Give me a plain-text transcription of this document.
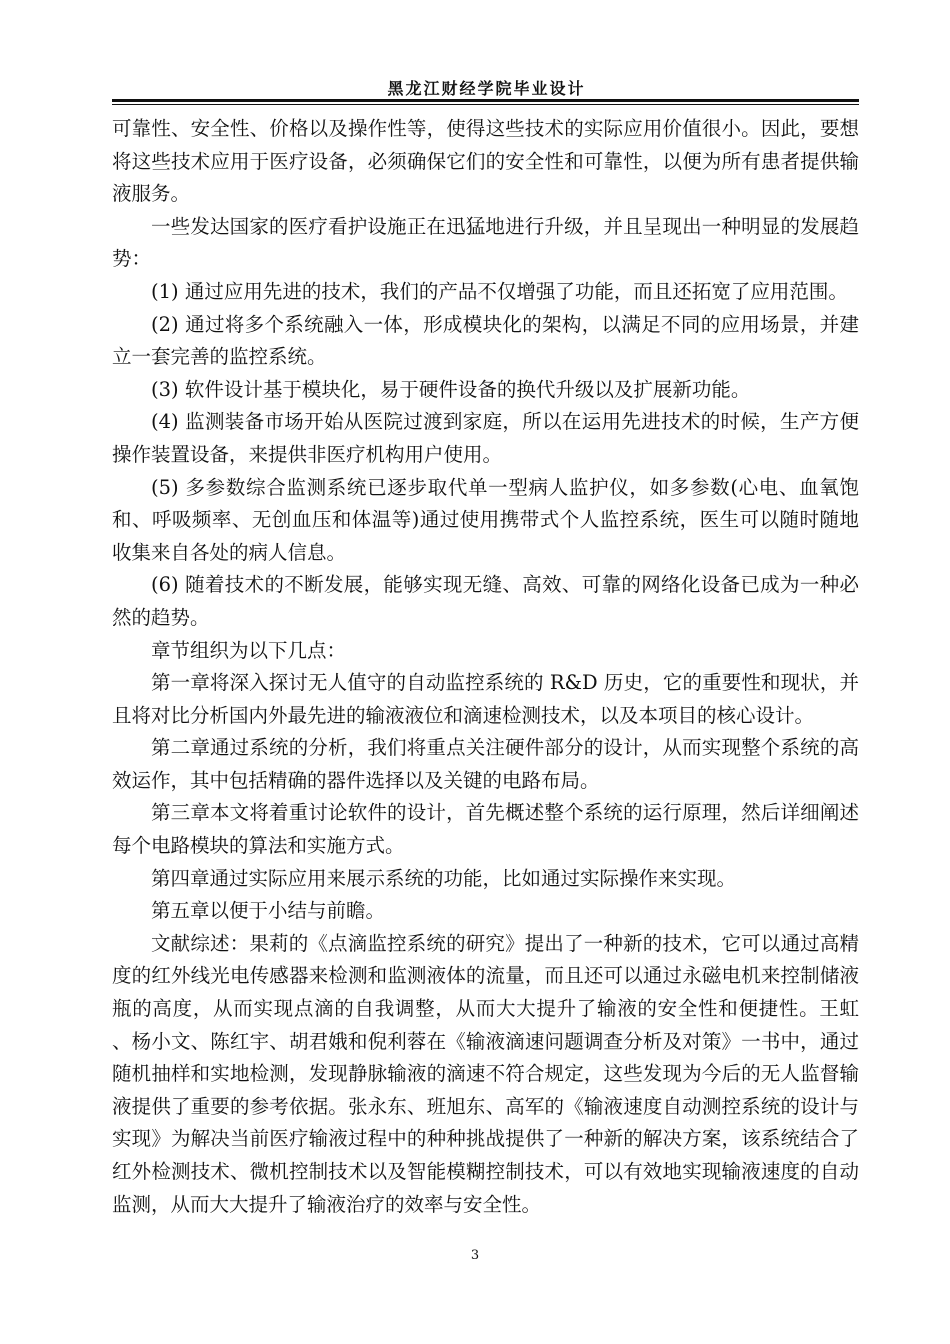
黑龙江财经学院毕业设计

可靠性、安全性、价格以及操作性等，使得这些技术的实际应用价值很小。因此，要想将这些技术应用于医疗设备，必须确保它们的安全性和可靠性，以便为所有患者提供输液服务。

一些发达国家的医疗看护设施正在迅猛地进行升级，并且呈现出一种明显的发展趋势：

(1) 通过应用先进的技术，我们的产品不仅增强了功能，而且还拓宽了应用范围。

(2) 通过将多个系统融入一体，形成模块化的架构，以满足不同的应用场景，并建立一套完善的监控系统。

(3) 软件设计基于模块化，易于硬件设备的换代升级以及扩展新功能。

(4) 监测装备市场开始从医院过渡到家庭，所以在运用先进技术的时候，生产方便操作装置设备，来提供非医疗机构用户使用。

(5) 多参数综合监测系统已逐步取代单一型病人监护仪，如多参数(心电、血氧饱和、呼吸频率、无创血压和体温等)通过使用携带式个人监控系统，医生可以随时随地收集来自各处的病人信息。

(6) 随着技术的不断发展，能够实现无缝、高效、可靠的网络化设备已成为一种必然的趋势。

章节组织为以下几点：

第一章将深入探讨无人值守的自动监控系统的 R&D 历史，它的重要性和现状，并且将对比分析国内外最先进的输液液位和滴速检测技术，以及本项目的核心设计。

第二章通过系统的分析，我们将重点关注硬件部分的设计，从而实现整个系统的高效运作，其中包括精确的器件选择以及关键的电路布局。

第三章本文将着重讨论软件的设计，首先概述整个系统的运行原理，然后详细阐述每个电路模块的算法和实施方式。

第四章通过实际应用来展示系统的功能，比如通过实际操作来实现。

第五章以便于小结与前瞻。

文献综述：果莉的《点滴监控系统的研究》提出了一种新的技术，它可以通过高精度的红外线光电传感器来检测和监测液体的流量，而且还可以通过永磁电机来控制储液瓶的高度，从而实现点滴的自我调整，从而大大提升了输液的安全性和便捷性。王虹 、杨小文、陈红宇、胡君娥和倪利蓉在《输液滴速问题调查分析及对策》一书中，通过随机抽样和实地检测，发现静脉输液的滴速不符合规定，这些发现为今后的无人监督输液提供了重要的参考依据。张永东、班旭东、高军的《输液速度自动测控系统的设计与实现》为解决当前医疗输液过程中的种种挑战提供了一种新的解决方案，该系统结合了红外检测技术、微机控制技术以及智能模糊控制技术，可以有效地实现输液速度的自动监测，从而大大提升了输液治疗的效率与安全性。

3
